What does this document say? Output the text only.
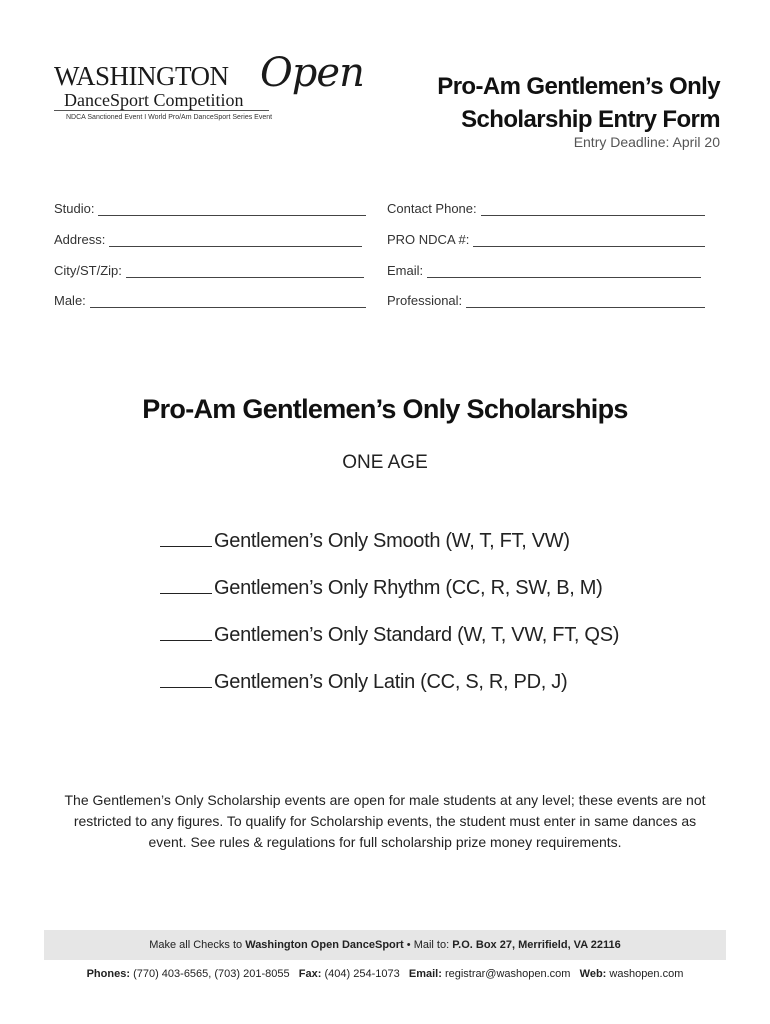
WASHINGTON Open
DanceSport Competition
NDCA Sanctioned Event I World Pro/Am DanceSport Series Event
Pro-Am Gentlemen’s Only
Scholarship Entry Form
Entry Deadline: April 20
Studio:
Address:
City/ST/Zip:
Male:
Contact Phone:
PRO NDCA #:
Email:
Professional:
Pro-Am Gentlemen’s Only Scholarships
ONE AGE
Gentlemen’s Only Smooth (W, T, FT, VW)
Gentlemen’s Only Rhythm (CC, R, SW, B, M)
Gentlemen’s Only Standard (W, T, VW, FT, QS)
Gentlemen’s Only Latin (CC, S, R, PD, J)
The Gentlemen’s Only Scholarship events are open for male students at any level; these events are not restricted to any figures. To qualify for Scholarship events, the student must enter in same dances as event. See rules & regulations for full scholarship prize money requirements.
Make all Checks to
Washington Open DanceSport
•
Mail to:
P.O. Box 27, Merrifield, VA 22116
Phones: (770) 403-6565, (703) 201-8055 Fax: (404) 254-1073 Email: registrar@washopen.com Web: washopen.com
